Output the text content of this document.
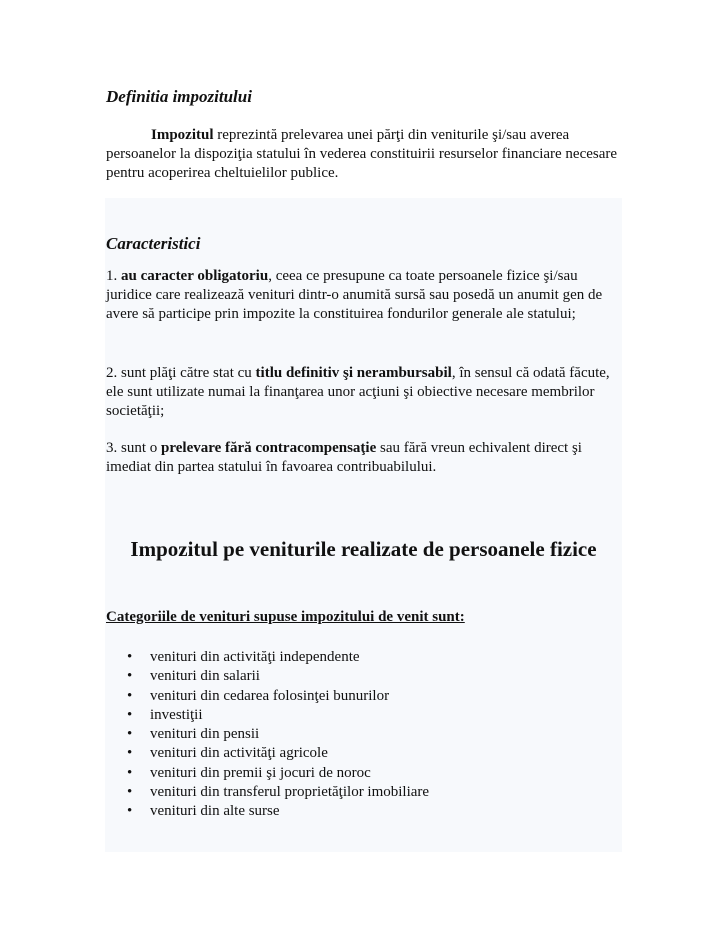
Definitia impozitului

Impozitul reprezintă prelevarea unei părţi din veniturile şi/sau averea persoanelor la dispoziţia statului în vederea constituirii resurselor financiare necesare pentru acoperirea cheltuielilor publice.

Caracteristici

1. au caracter obligatoriu, ceea ce presupune ca toate persoanele fizice şi/sau juridice care realizează venituri dintr-o anumită sursă sau posedă un anumit gen de avere să participe prin impozite la constituirea fondurilor generale ale statului;

2. sunt plăţi către stat cu titlu definitiv şi nerambursabil, în sensul că odată făcute, ele sunt utilizate numai la finanţarea unor acţiuni şi obiective necesare membrilor societăţii;

3. sunt o prelevare fără contracompensaţie sau fără vreun echivalent direct şi imediat din partea statului în favoarea contribuabilului.

Impozitul pe veniturile realizate de persoanele fizice

Categoriile de venituri supuse impozitului de venit sunt:

• venituri din activităţi independente
• venituri din salarii
• venituri din cedarea folosinţei bunurilor
• investiţii
• venituri din pensii
• venituri din activităţi agricole
• venituri din premii şi jocuri de noroc
• venituri din transferul proprietăţilor imobiliare
• venituri din alte surse
